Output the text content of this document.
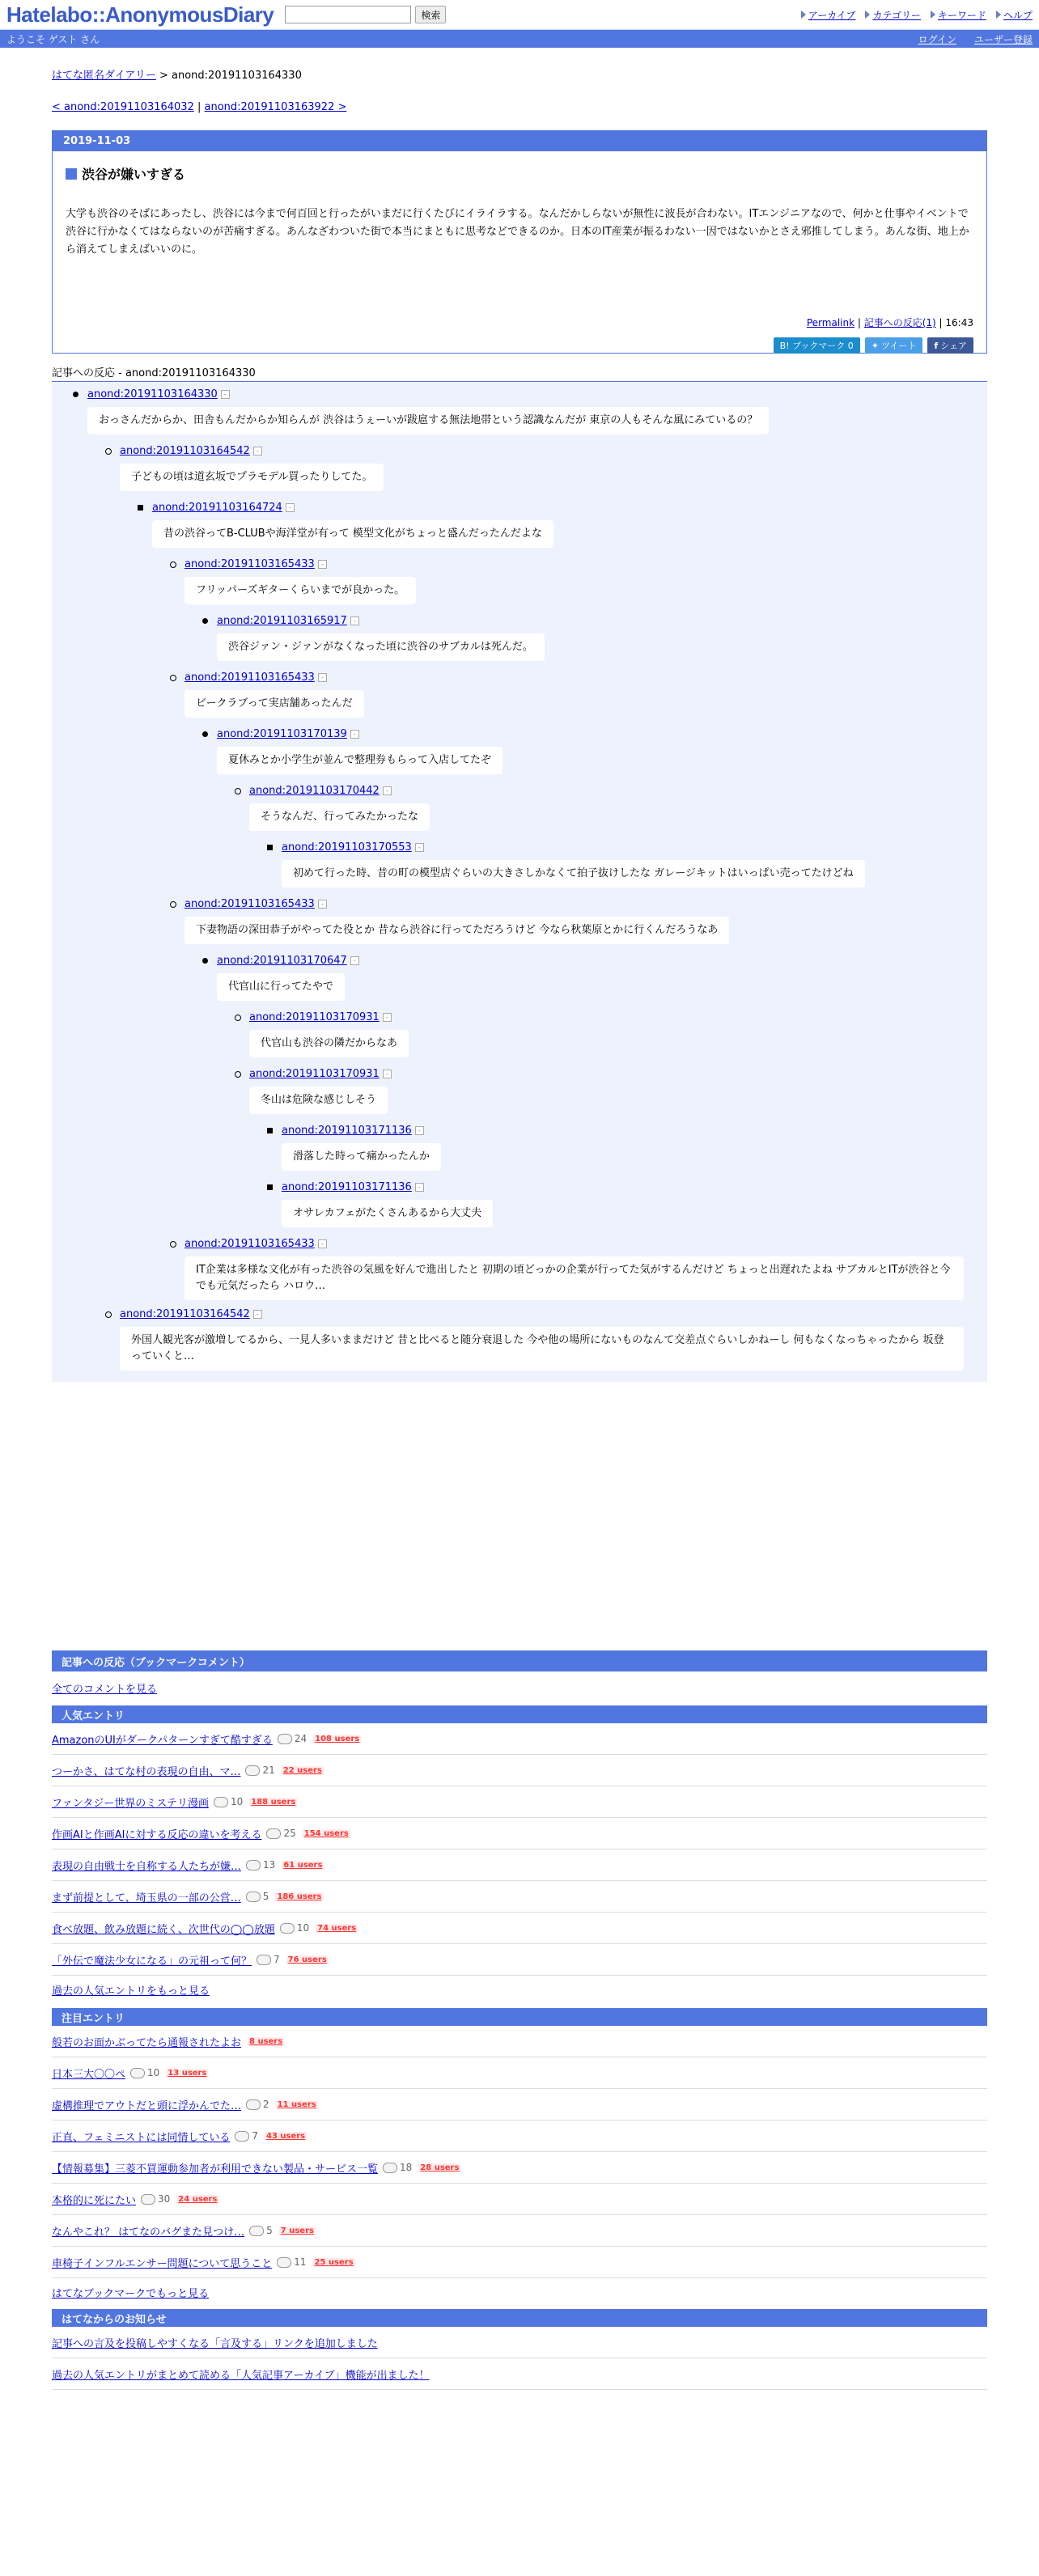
Hatelabo::AnonymousDiary	検索	アーカイブ カテゴリー キーワード ヘルプ
ようこそ ゲスト さん	ログイン ユーザー登録
はてな匿名ダイアリー > anond:20191103164330
< anond:20191103164032 | anond:20191103163922 >
2019-11-03
渋谷が嫌いすぎる
大学も渋谷のそばにあったし、渋谷には今まで何百回と行ったがいまだに行くたびにイライラする。なんだかしらないが無性に波長が合わない。ITエンジニアなので、何かと仕事やイベントで渋谷に行かなくてはならないのが苦痛すぎる。あんなざわついた街で本当にまともに思考などできるのか。日本のIT産業が振るわない一因ではないかとさえ邪推してしまう。あんな街、地上から消えてしまえばいいのに。
Permalink | 記事への反応(1) | 16:43
B! ブックマーク 0	✦ ツイート f シェア
記事への反応 - anond:20191103164330
anond:20191103164330 -
おっさんだからか、田舎もんだからか知らんが 渋谷はうぇーいが跋扈する無法地帯という認識なんだが 東京の人もそんな風にみているの？
anond:20191103164542 -
子どもの頃は道玄坂でプラモデル買ったりしてた。
anond:20191103164724 -
昔の渋谷ってB-CLUBや海洋堂が有って 模型文化がちょっと盛んだったんだよな
anond:20191103165433 -
フリッパーズギターくらいまでが良かった。
anond:20191103165917 -
渋谷ジァン・ジァンがなくなった頃に渋谷のサブカルは死んだ。
anond:20191103165433 -
ビークラブって実店舗あったんだ
anond:20191103170139 -
夏休みとか小学生が並んで整理券もらって入店してたぞ
anond:20191103170442 -
そうなんだ、行ってみたかったな
anond:20191103170553 -
初めて行った時、昔の町の模型店ぐらいの大きさしかなくて拍子抜けしたな ガレージキットはいっぱい売ってたけどね
anond:20191103165433 -
下妻物語の深田恭子がやってた役とか 昔なら渋谷に行ってただろうけど 今なら秋葉原とかに行くんだろうなあ
anond:20191103170647 -
代官山に行ってたやで
anond:20191103170931 -
代官山も渋谷の隣だからなあ
anond:20191103170931 -
冬山は危険な感じしそう
anond:20191103171136 -
滑落した時って痛かったんか
anond:20191103171136 -
オサレカフェがたくさんあるから大丈夫
anond:20191103165433 -

IT企業は多様な文化が有った渋谷の気風を好んで進出したと 初期の頃どっかの企業が行ってた気がするんだけど ちょっと出遅れたよね サブカルとITが渋谷と今でも元気だったら ハロウ…
anond:20191103164542 -

外国人観光客が激増してるから、一見人多いままだけど 昔と比べると随分衰退した 今や他の場所にないものなんて交差点ぐらいしかねーし 何もなくなっちゃったから 坂登っていくと…
記事への反応（ブックマークコメント）
全てのコメントを見る
人気エントリ
AmazonのUIがダークパターンすぎて酷すぎる 24 108 users
つーかさ、はてな村の表現の自由、マ… 21 22 users
ファンタジー世界のミステリ漫画 10 188 users
作画AIと作画AIに対する反応の違いを考える 25 154 users
表現の自由戦士を自称する人たちが嫌… 13 61 users
まず前提として、埼玉県の一部の公営… 5 186 users
食べ放題、飲み放題に続く、次世代の◯◯放題 10 74 users
「外伝で魔法少女になる」の元祖って何？ 7 76 users
過去の人気エントリをもっと見る
注目エントリ
般若のお面かぶってたら通報されたよお 8 users
日本三大〇〇ペ 10 13 users
虚構推理でアウトだと頭に浮かんでた… 2 11 users
正直、フェミニストには同情している 7 43 users
【情報募集】三菱不買運動参加者が利用できない製品・サービス一覧 18 28 users
本格的に死にたい 30 24 users
なんやこれ？ はてなのバグまた見つけ… 5 7 users
車椅子インフルエンサー問題について思うこと 11 25 users
はてなブックマークでもっと見る
はてなからのお知らせ
記事への言及を投稿しやすくなる「言及する」リンクを追加しました
過去の人気エントリがまとめて読める「人気記事アーカイブ」機能が出ました！
